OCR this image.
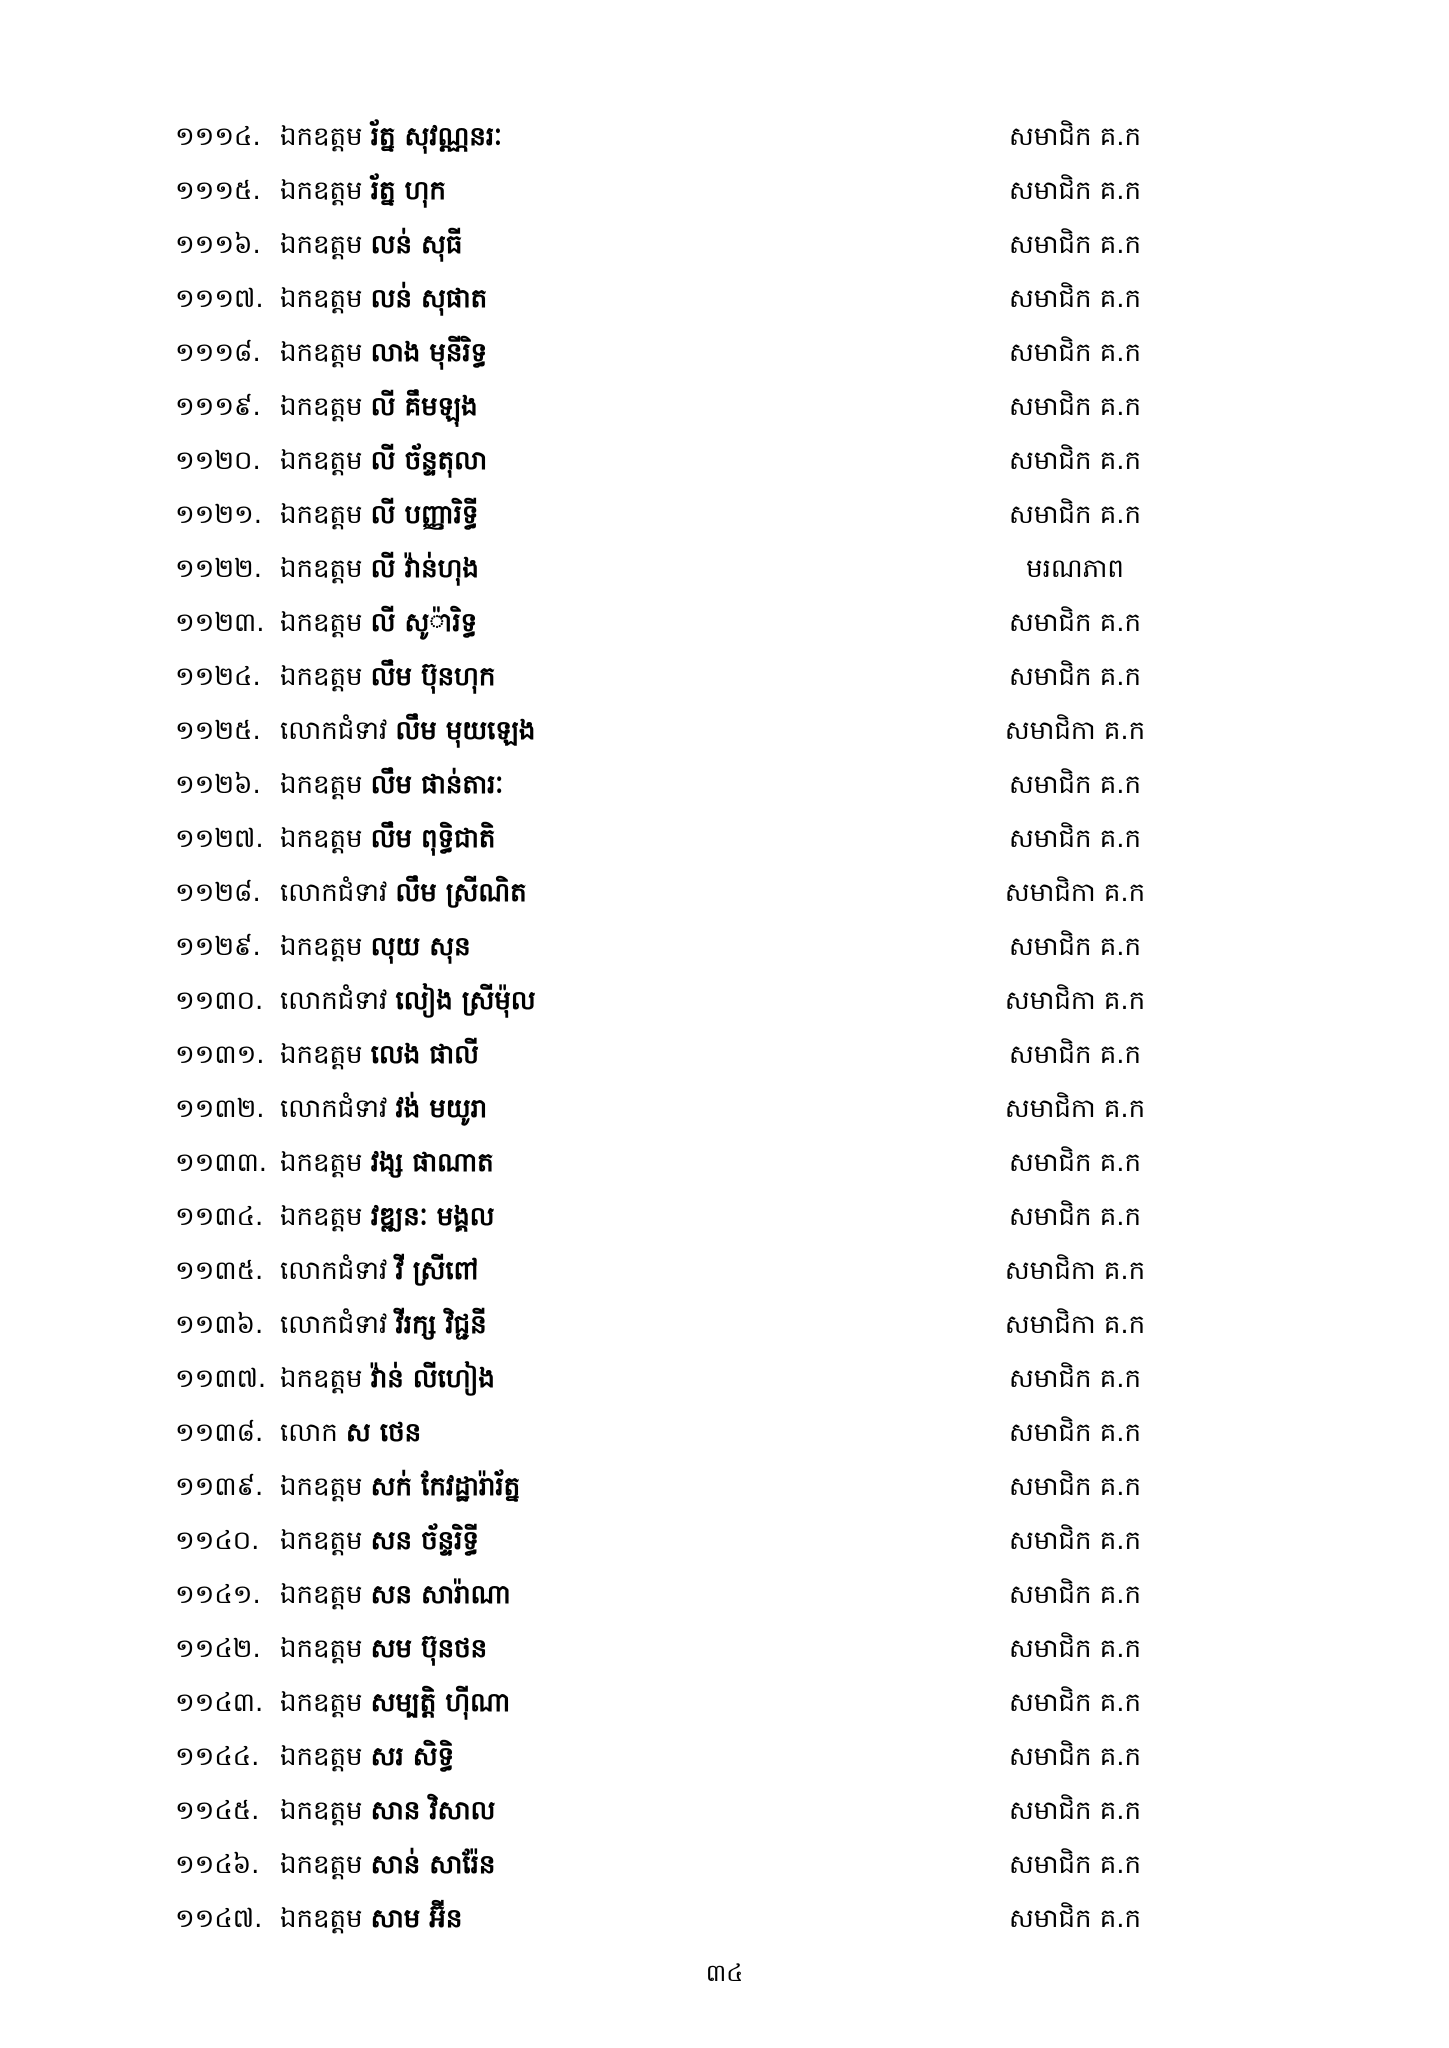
១១១៤. ឯកឧត្តម រ័ត្ន សុវណ្ណនរៈ	សមាជិក គ.ក
១១១៥. ឯកឧត្តម រ័ត្ន ហុក	សមាជិក គ.ក
១១១៦. ឯកឧត្តម លន់ សុធី	សមាជិក គ.ក
១១១៧. ឯកឧត្តម លន់ សុផាត	សមាជិក គ.ក
១១១៨. ឯកឧត្តម លាង មុនីរិទ្ធ	សមាជិក គ.ក
១១១៩. ឯកឧត្តម លី គឹមឡុង	សមាជិក គ.ក
១១២០. ឯកឧត្តម លី ច័ន្ទតុលា	សមាជិក គ.ក
១១២១. ឯកឧត្តម លី បញ្ញារិទ្ធី	សមាជិក គ.ក
១១២២. ឯកឧត្តម លី វ៉ាន់ហុង	មរណភាព
១១២៣. ឯកឧត្តម លី សូ៉ារិទ្ធ	សមាជិក គ.ក
១១២៤. ឯកឧត្តម លឹម ប៊ុនហុក	សមាជិក គ.ក
១១២៥. លោកជំទាវ លឹម មុយឡេង	សមាជិកា គ.ក
១១២៦. ឯកឧត្តម លឹម ផាន់តារៈ	សមាជិក គ.ក
១១២៧. ឯកឧត្តម លឹម ពុទ្ធិជាតិ	សមាជិក គ.ក
១១២៨. លោកជំទាវ លឹម ស្រីណិត	សមាជិកា គ.ក
១១២៩. ឯកឧត្តម លុយ សុន	សមាជិក គ.ក
១១៣០. លោកជំទាវ លៀង ស្រីម៉ុល	សមាជិកា គ.ក
១១៣១. ឯកឧត្តម លេង ផាលី	សមាជិក គ.ក
១១៣២. លោកជំទាវ វង់ មយូរា	សមាជិកា គ.ក
១១៣៣. ឯកឧត្តម វង្ស ផាណាត	សមាជិក គ.ក
១១៣៤. ឯកឧត្តម វឌ្ឍនៈ មង្គល	សមាជិក គ.ក
១១៣៥. លោកជំទាវ វី ស្រីពៅ	សមាជិកា គ.ក
១១៣៦. លោកជំទាវ វីរក្ស វិជ្ជនី	សមាជិកា គ.ក
១១៣៧. ឯកឧត្តម វ៉ាន់ លីហៀង	សមាជិក គ.ក
១១៣៨. លោក ស ថេន	សមាជិក គ.ក
១១៣៩. ឯកឧត្តម សក់ កែវដ្ឋារ៉ារ័ត្ន	សមាជិក គ.ក
១១៤០. ឯកឧត្តម សន ច័ន្ទរិទ្ធី	សមាជិក គ.ក
១១៤១. ឯកឧត្តម សន សារ៉ាណា	សមាជិក គ.ក
១១៤២. ឯកឧត្តម សម ប៊ុនថន	សមាជិក គ.ក
១១៤៣. ឯកឧត្តម សម្បត្តិ ហ៊ីណា	សមាជិក គ.ក
១១៤៤. ឯកឧត្តម សរ សិទ្ធិ	សមាជិក គ.ក
១១៤៥. ឯកឧត្តម សាន វិសាល	សមាជិក គ.ក
១១៤៦. ឯកឧត្តម សាន់ សារ៉ែន	សមាជិក គ.ក
១១៤៧. ឯកឧត្តម សាម អ៊ីន	សមាជិក គ.ក
៣៤
